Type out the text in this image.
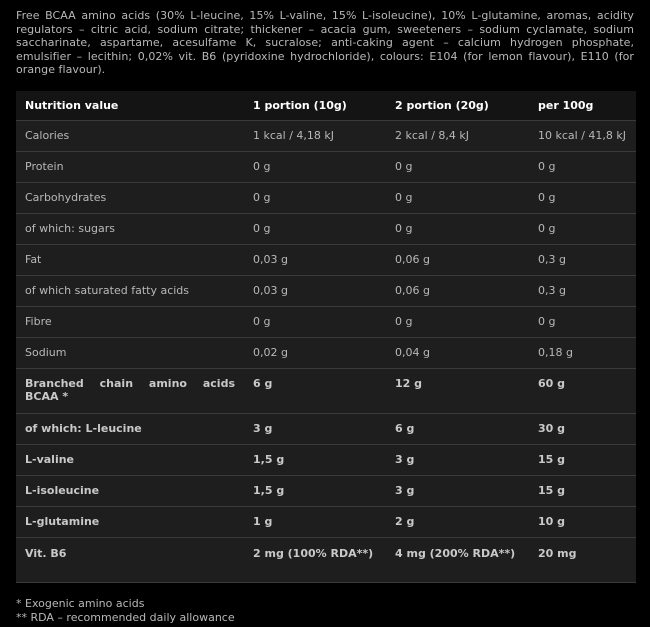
Free BCAA amino acids (30% L-leucine, 15% L-valine, 15% L-isoleucine), 10% L-glutamine, aromas, acidity regulators – citric acid, sodium citrate; thickener – acacia gum, sweeteners – sodium cyclamate, sodium saccharinate, aspartame, acesulfame K, sucralose; anti-caking agent – calcium hydrogen phosphate, emulsifier – lecithin; 0,02% vit. B6 (pyridoxine hydrochloride), colours: E104 (for lemon flavour), E110 (for orange flavour).

Nutrition value	1 portion (10g)	2 portion (20g)	per 100g
Calories	1 kcal / 4,18 kJ	2 kcal / 8,4 kJ	10 kcal / 41,8 kJ
Protein	0 g	0 g	0 g
Carbohydrates	0 g	0 g	0 g
of which: sugars	0 g	0 g	0 g
Fat	0,03 g	0,06 g	0,3 g
of which saturated fatty acids	0,03 g	0,06 g	0,3 g
Fibre	0 g	0 g	0 g
Sodium	0,02 g	0,04 g	0,18 g
Branched chain amino acids BCAA *	6 g	12 g	60 g
of which: L-leucine	3 g	6 g	30 g
L-valine	1,5 g	3 g	15 g
L-isoleucine	1,5 g	3 g	15 g
L-glutamine	1 g	2 g	10 g
Vit. B6	2 mg (100% RDA**)	4 mg (200% RDA**)	20 mg
* Exogenic amino acids
** RDA – recommended daily allowance
